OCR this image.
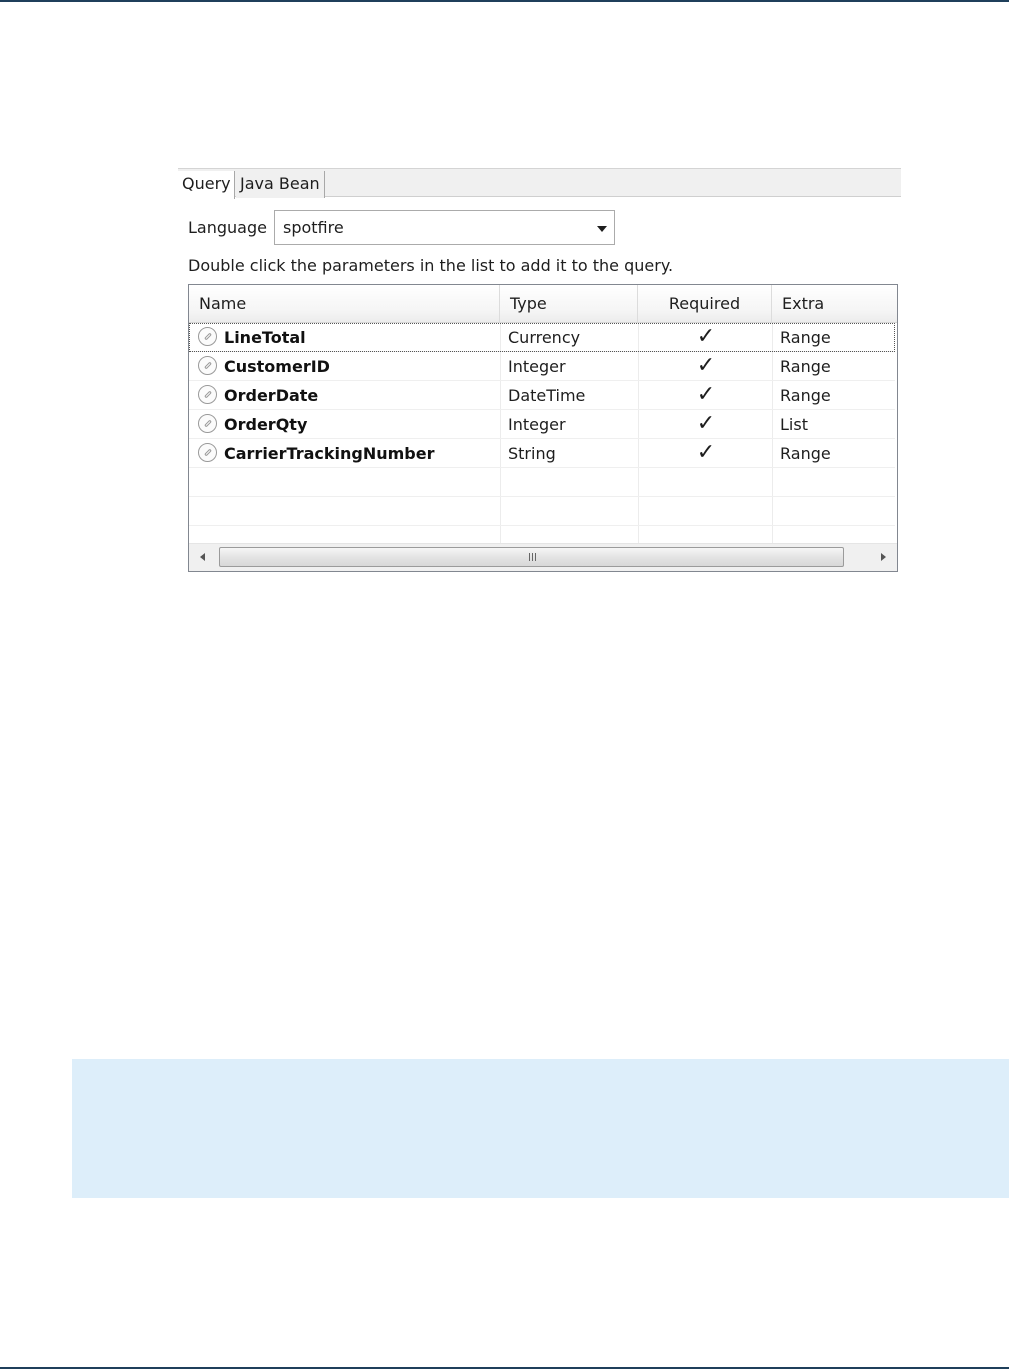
Query Java Bean
Language spotfire
Double click the parameters in the list to add it to the query.
Name	Type	Required	Extra
LineTotal	Currency	✓	Range
CustomerID	Integer	✓	Range
OrderDate	DateTime	✓	Range
OrderQty	Integer	✓	List
CarrierTrackingNumber	String	✓	Range
